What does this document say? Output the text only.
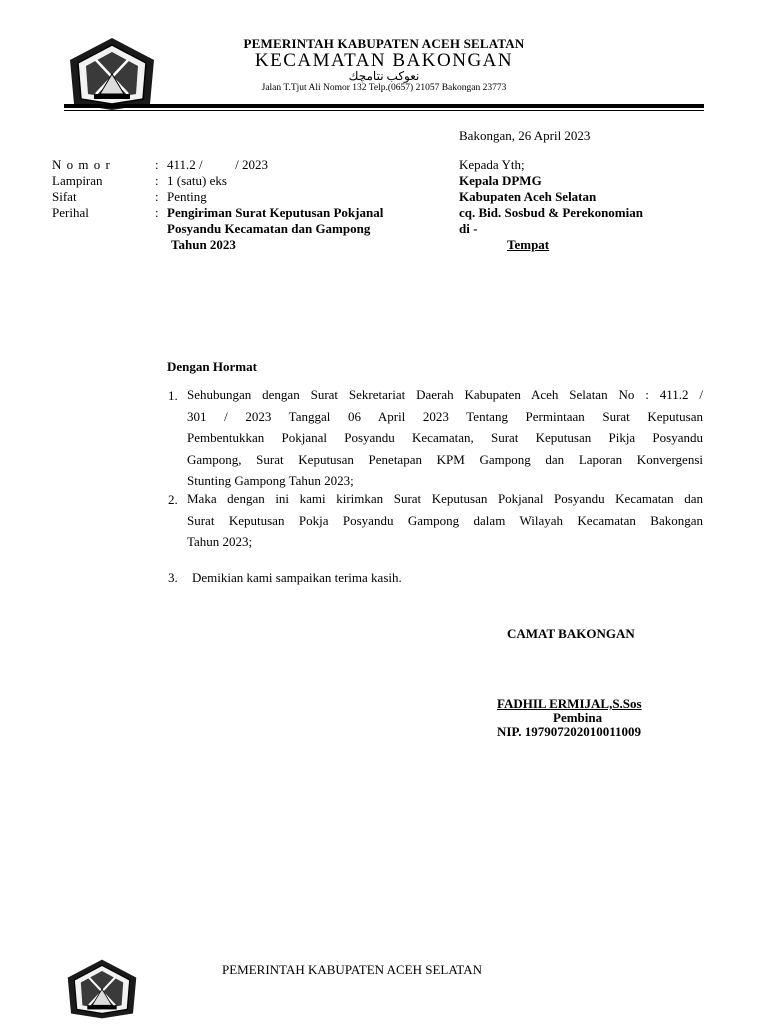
PEMERINTAH KABUPATEN ACEH SELATAN
KECAMATAN BAKONGAN
نعوكب نتامچك
Jalan T.Tjut Ali Nomor 132 Telp.(0657) 21057 Bakongan 23773
Bakongan, 26 April 2023
N o m o r	: 411.2 /          / 2023
Lampiran	: 1 (satu) eks
Sifat	: Penting
Perihal	: Pengiriman Surat Keputusan Pokjanal
Posyandu Kecamatan dan Gampong
Tahun 2023
Kepada Yth;
Kepala DPMG
Kabupaten Aceh Selatan
cq. Bid. Sosbud & Perekonomian
di -
Tempat
Dengan Hormat
1. Sehubungan dengan Surat Sekretariat Daerah Kabupaten Aceh Selatan No : 411.2 /
301 / 2023 Tanggal 06 April 2023 Tentang Permintaan Surat Keputusan
Pembentukkan Pokjanal Posyandu Kecamatan, Surat Keputusan Pikja Posyandu
Gampong, Surat Keputusan Penetapan KPM Gampong dan Laporan Konvergensi
Stunting Gampong Tahun 2023;
2. Maka dengan ini kami kirimkan Surat Keputusan Pokjanal Posyandu Kecamatan dan
Surat Keputusan Pokja Posyandu Gampong dalam Wilayah Kecamatan Bakongan
Tahun 2023;
3. Demikian kami sampaikan terima kasih.
CAMAT BAKONGAN
FADHIL ERMIJAL,S.Sos
Pembina
NIP. 197907202010011009
PEMERINTAH KABUPATEN ACEH SELATAN
